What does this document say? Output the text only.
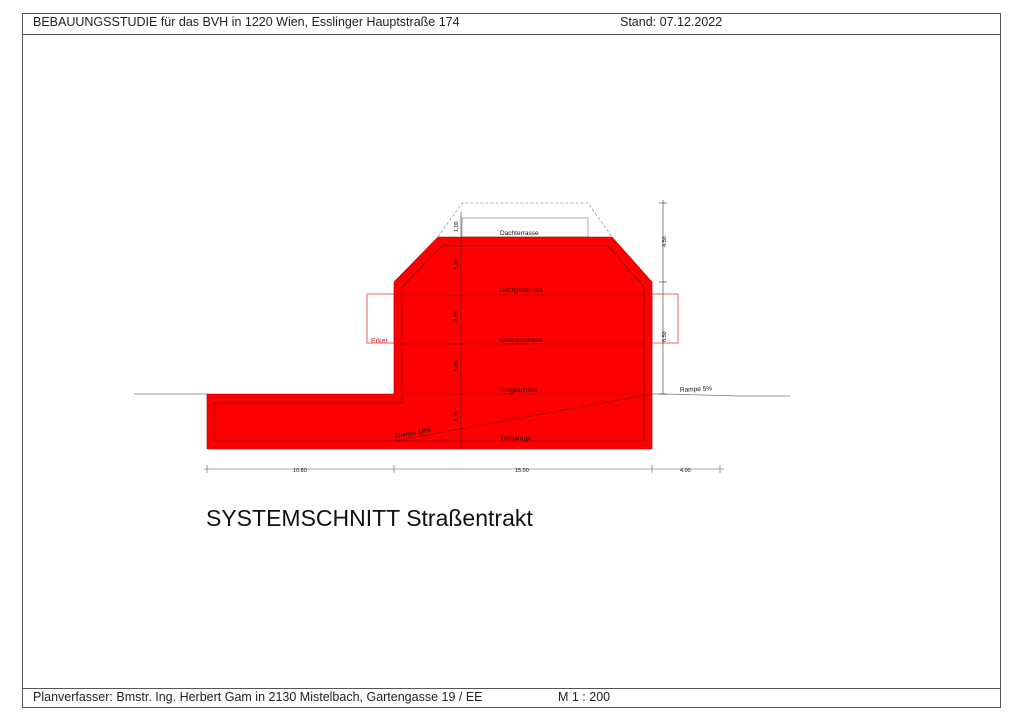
BEBAUUNGSSTUDIE für das BVH in 1220 Wien, Esslinger Hauptstraße 174	Stand: 07.12.2022
Planverfasser: Bmstr. Ing. Herbert Gam in 2130 Mistelbach, Gartengasse 19 / EE	M 1 : 200
Dachterrasse
Dachgeschoss
Obergeschoss
Erdgeschoss
Tiefgarage
Rampe 18%
Rampe 5%
Erker
1.00
3.30
2.90
3.00
2.75
4.50
6.50
10.80	15.00	4.00
SYSTEMSCHNITT Straßentrakt
